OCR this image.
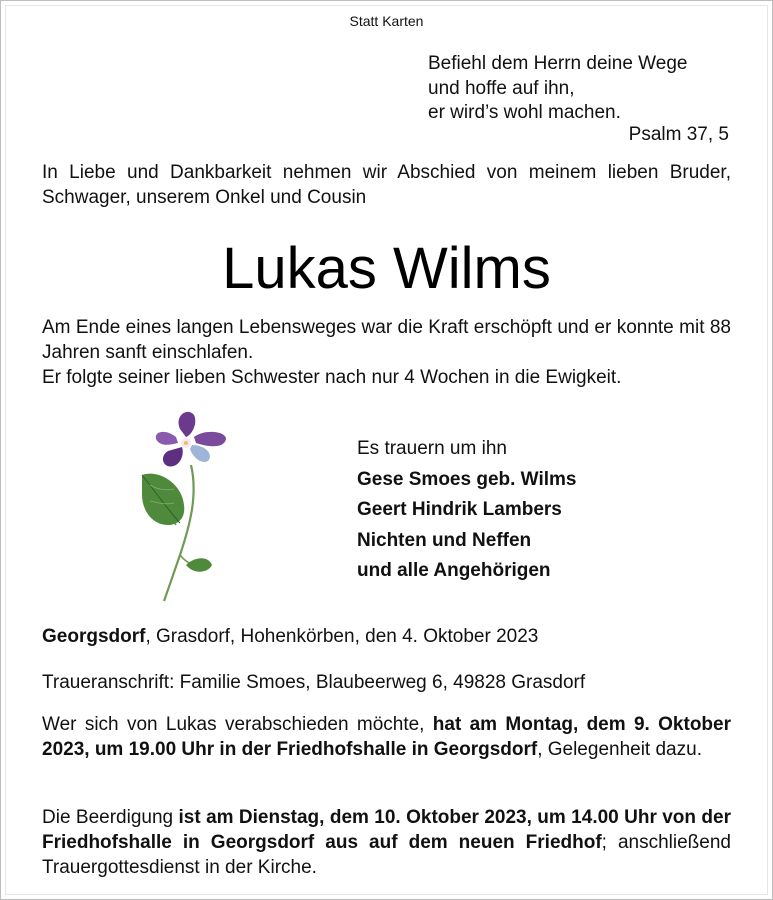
Statt Karten
Befiehl dem Herrn deine Wege
und hoffe auf ihn,
er wird’s wohl machen.
Psalm 37, 5
In Liebe und Dankbarkeit nehmen wir Abschied von meinem lieben Bruder, Schwager, unserem Onkel und Cousin
Lukas Wilms
Am Ende eines langen Lebensweges war die Kraft erschöpft und er konnte mit 88 Jahren sanft einschlafen.
Er folgte seiner lieben Schwester nach nur 4 Wochen in die Ewigkeit.
Es trauern um ihn
Gese Smoes geb. Wilms
Geert Hindrik Lambers
Nichten und Neffen
und alle Angehörigen
Georgsdorf, Grasdorf, Hohenkörben, den 4. Oktober 2023
Traueranschrift: Familie Smoes, Blaubeerweg 6, 49828 Grasdorf
Wer sich von Lukas verabschieden möchte, hat am Montag, dem 9. Oktober 2023, um 19.00 Uhr in der Friedhofshalle in Georgsdorf, Gelegenheit dazu.
Die Beerdigung ist am Dienstag, dem 10. Oktober 2023, um 14.00 Uhr von der Friedhofshalle in Georgsdorf aus auf dem neuen Friedhof; anschließend Trauergottesdienst in der Kirche.
